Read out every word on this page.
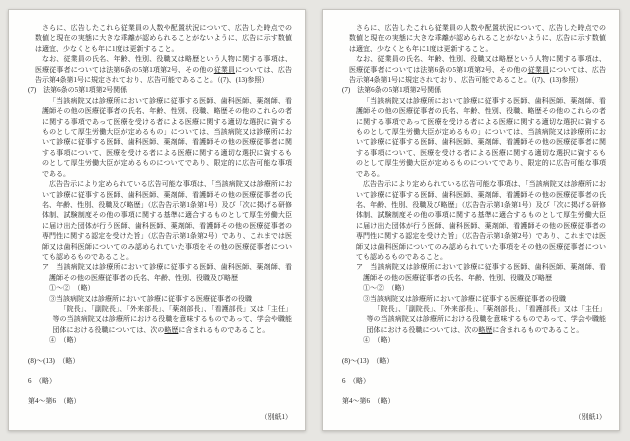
さらに、広告したこれら従業員の人数や配置状況について、広告した時点での数値と現在の実態に大きな乖離が認められることがないように、広告に示す数値は適宜、少なくとも年に1度は更新すること。

なお、従業員の氏名、年齢、性別、役職又は略歴という人物に関する事項は、医療従事者については法第6条の5第1項第2号、その他の従業員については、広告告示第4条第1号に規定されており、広告可能であること。（(7)、(13)参照）

(7)　法第6条の5第1項第2号関係

「当該病院又は診療所において診療に従事する医師、歯科医師、薬剤師、看護師その他の医療従事者の氏名、年齢、性別、役職、略歴その他のこれらの者に関する事項であって医療を受ける者による医療に関する適切な選択に資するものとして厚生労働大臣が定めるもの」については、当該病院又は診療所において診療に従事する医師、歯科医師、薬剤師、看護師その他の医療従事者に関する事項について、医療を受ける者による医療に関する適切な選択に資するものとして厚生労働大臣が定めるものについてであり、限定的に広告可能な事項である。

広告告示により定められている広告可能な事項は、「当該病院又は診療所において診療に従事する医師、歯科医師、薬剤師、看護師その他の医療従事者の氏名、年齢、性別、役職及び略歴」（広告告示第1条第1号）及び「次に掲げる研修体制、試験制度その他の事項に関する基準に適合するものとして厚生労働大臣に届け出た団体が行う医師、歯科医師、薬剤師、看護師その他の医療従事者の専門性に関する認定を受けた旨」（広告告示第1条第2号）であり、これまでは医師又は歯科医師についてのみ認められていた事項をその他の医療従事者についても認めるものであること。

ア　当該病院又は診療所において診療に従事する医師、歯科医師、薬剤師、看護師その他の医療従事者の氏名、年齢、性別、役職及び略歴

①〜②　（略）

③当該病院又は診療所において診療に従事する医療従事者の役職

「院長」、「副院長」、「外来部長」、「薬剤部長」、「看護部長」又は「主任」等の当該病院又は診療所における役職を意味するものであって、学会や職能団体における役職については、次の略歴に含まれるものであること。

④　（略）

(8)〜(13)　（略）

6　（略）

第4〜第6　（略）

（別紙1）

さらに、広告したこれら従業員の人数や配置状況について、広告した時点での数値と現在の実態に大きな乖離が認められることがないように、広告に示す数値は適宜、少なくとも年に1度は更新すること。

なお、従業員の氏名、年齢、性別、役職又は略歴という人物に関する事項は、医療従事者については法第6条の5第1項第2号、その他の従業員については、広告告示第4条第1号に規定されており、広告可能であること。（(7)、(13)参照）

(7)　法第6条の5第1項第2号関係

「当該病院又は診療所において診療に従事する医師、歯科医師、薬剤師、看護師その他の医療従事者の氏名、年齢、性別、役職、略歴その他のこれらの者に関する事項であって医療を受ける者による医療に関する適切な選択に資するものとして厚生労働大臣が定めるもの」については、当該病院又は診療所において診療に従事する医師、歯科医師、薬剤師、看護師その他の医療従事者に関する事項について、医療を受ける者による医療に関する適切な選択に資するものとして厚生労働大臣が定めるものについてであり、限定的に広告可能な事項である。

広告告示により定められている広告可能な事項は、「当該病院又は診療所において診療に従事する医師、歯科医師、薬剤師、看護師その他の医療従事者の氏名、年齢、性別、役職及び略歴」（広告告示第1条第1号）及び「次に掲げる研修体制、試験制度その他の事項に関する基準に適合するものとして厚生労働大臣に届け出た団体が行う医師、歯科医師、薬剤師、看護師その他の医療従事者の専門性に関する認定を受けた旨」（広告告示第1条第2号）であり、これまでは医師又は歯科医師についてのみ認められていた事項をその他の医療従事者についても認めるものであること。

ア　当該病院又は診療所において診療に従事する医師、歯科医師、薬剤師、看護師その他の医療従事者の氏名、年齢、性別、役職及び略歴

①〜②　（略）

③当該病院又は診療所において診療に従事する医療従事者の役職

「院長」、「副院長」、「外来部長」、「薬剤部長」、「看護部長」又は「主任」等の当該病院又は診療所における役職を意味するものであって、学会や職能団体における役職については、次の略歴に含まれるものであること。

④　（略）

(8)〜(13)　（略）

6　（略）

第4〜第6　（略）

（別紙1）
